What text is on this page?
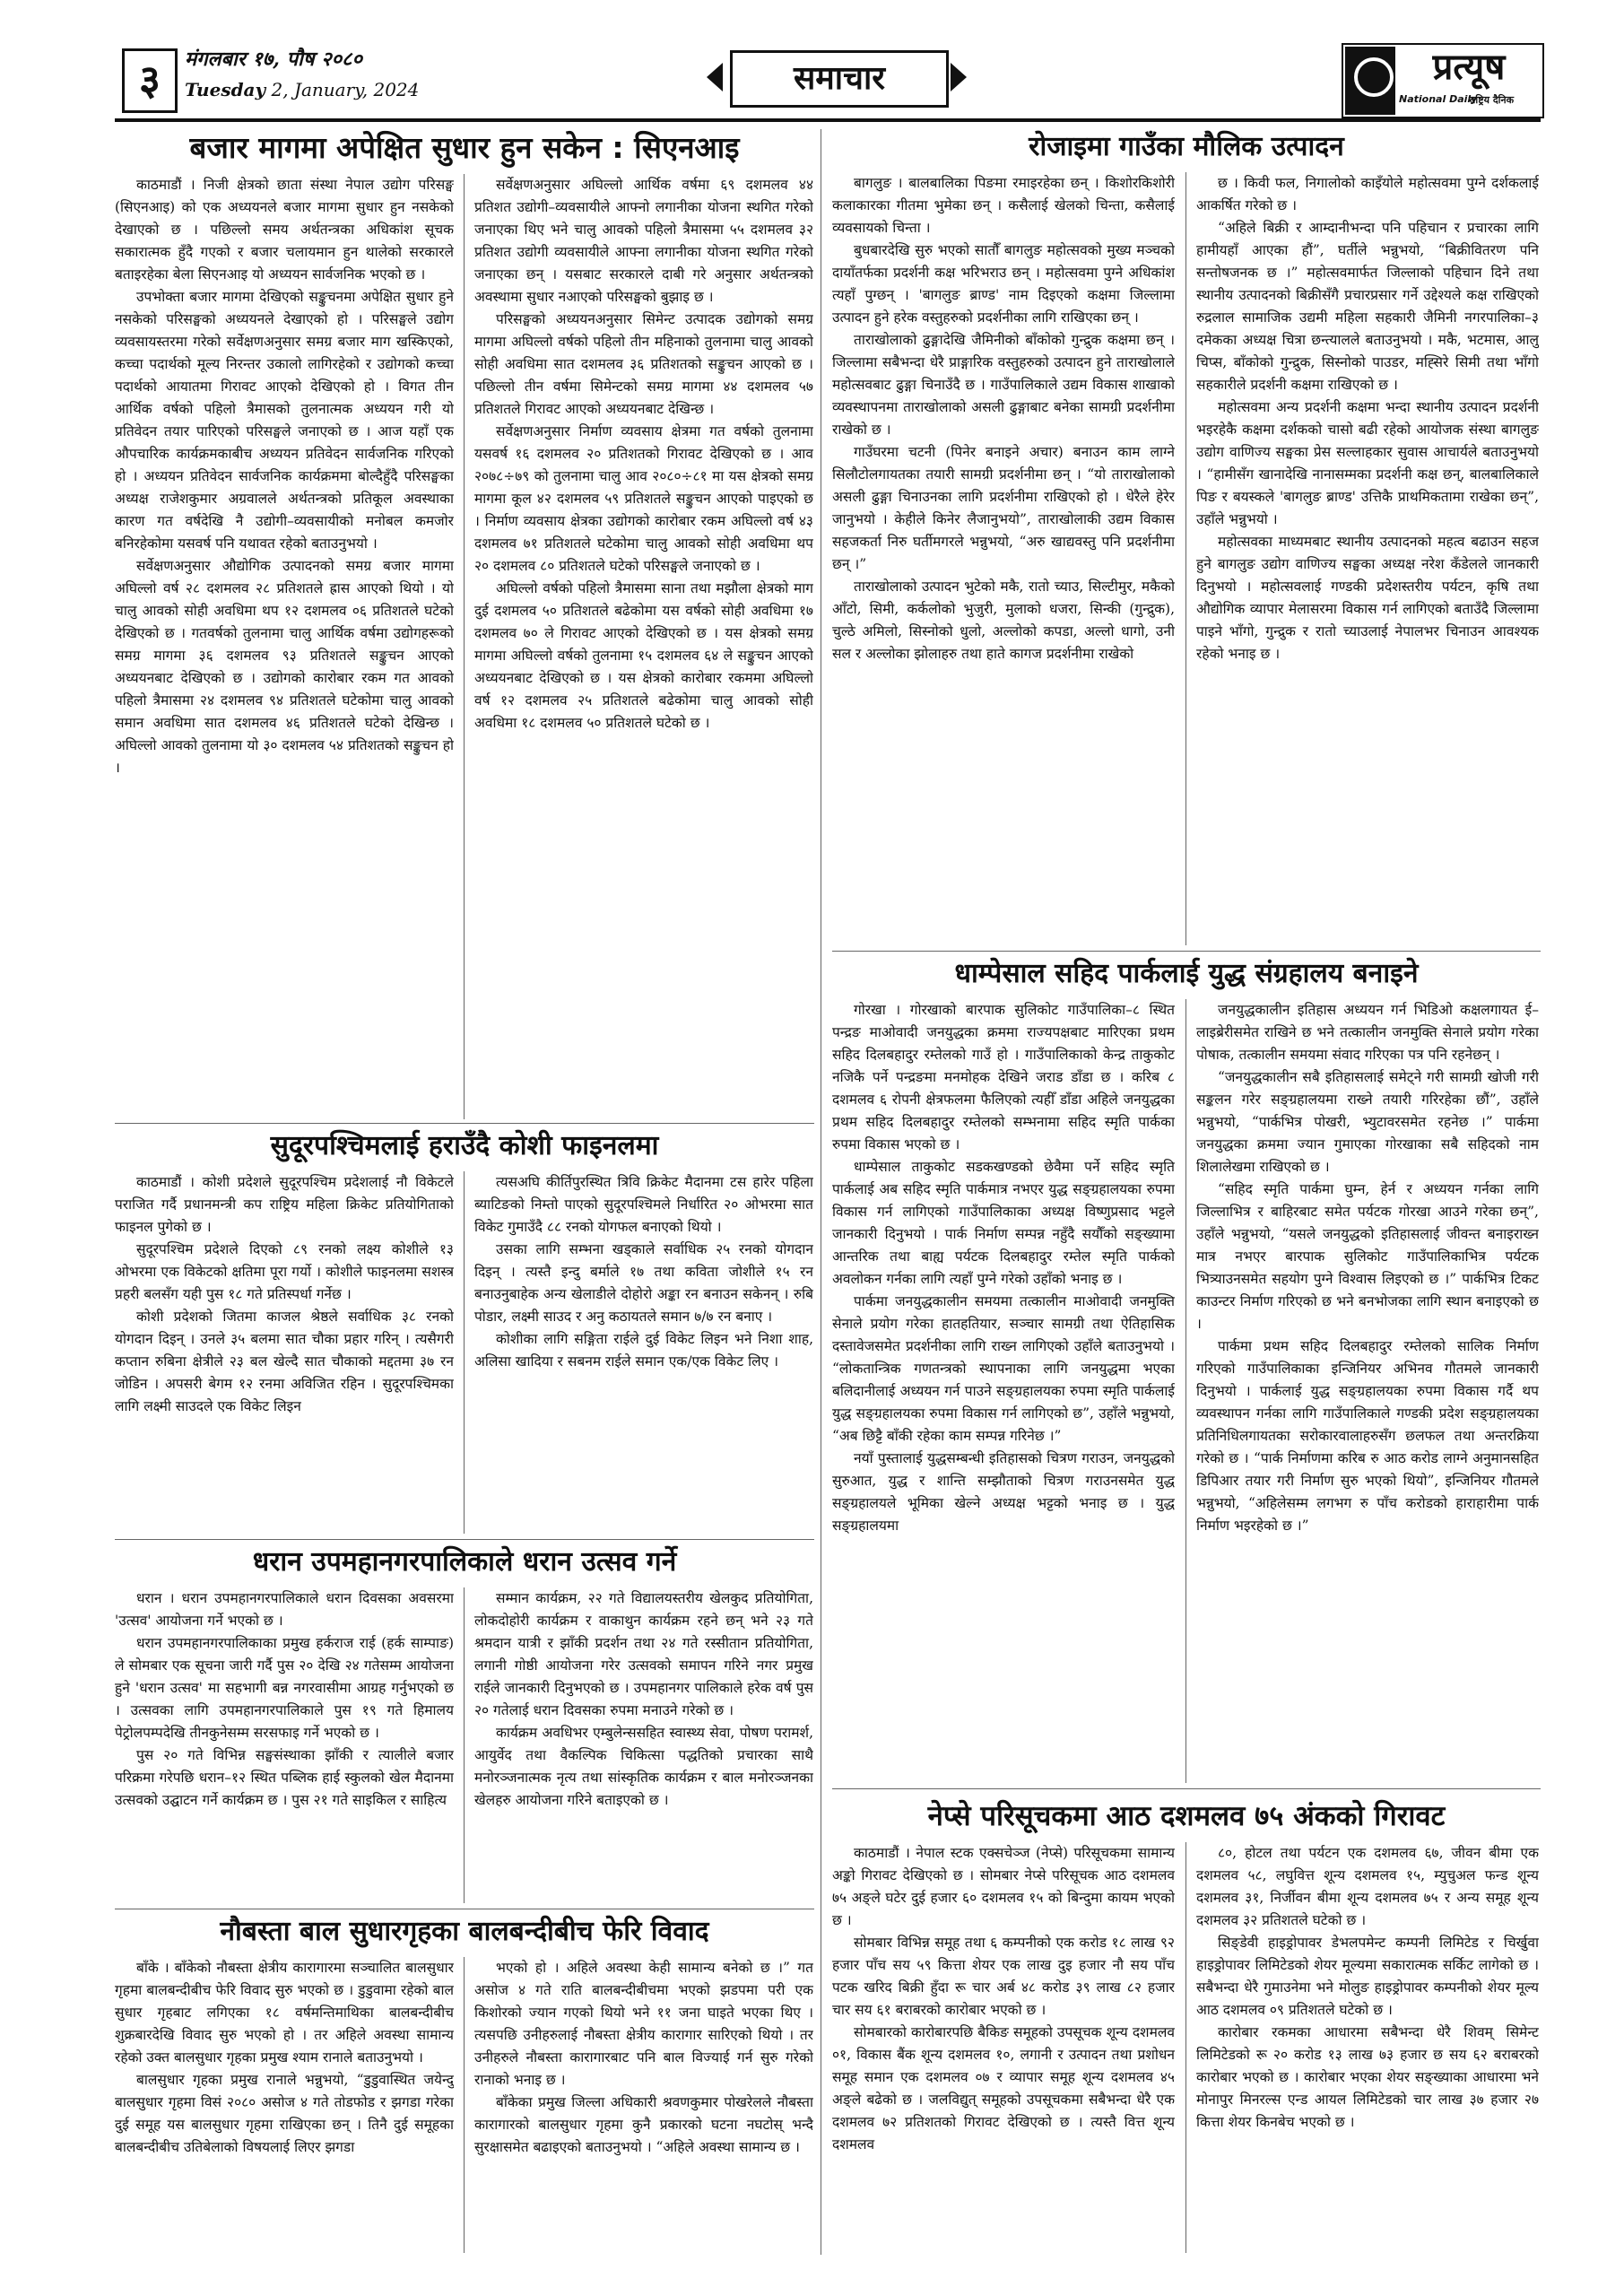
३	मंगलबार १७, पौष २०८०
Tuesday 2, January, 2024	समाचार	प्रत्यूष
National Daily
राष्ट्रिय दैनिक
बजार मागमा अपेक्षित सुधार हुन सकेन : सिएनआइ

काठमाडौं । निजी क्षेत्रको छाता संस्था नेपाल उद्योग परिसङ्घ (सिएनआइ) को एक अध्ययनले बजार मागमा सुधार हुन नसकेको देखाएको छ । पछिल्लो समय अर्थतन्त्रका अधिकांश सूचक सकारात्मक हुँदै गएको र बजार चलायमान हुन थालेको सरकारले बताइरहेका बेला सिएनआइ यो अध्ययन सार्वजनिक भएको छ ।

उपभोक्ता बजार मागमा देखिएको सङ्कुचनमा अपेक्षित सुधार हुने नसकेको परिसङ्घको अध्ययनले देखाएको हो । परिसङ्घले उद्योग व्यवसायस्तरमा गरेको सर्वेक्षणअनुसार समग्र बजार माग खस्किएको, कच्चा पदार्थको मूल्य निरन्तर उकालो लागिरहेको र उद्योगको कच्चा पदार्थको आयातमा गिरावट आएको देखिएको हो । विगत तीन आर्थिक वर्षको पहिलो त्रैमासको तुलनात्मक अध्ययन गरी यो प्रतिवेदन तयार पारिएको परिसङ्घले जनाएको छ । आज यहाँ एक औपचारिक कार्यक्रमकाबीच अध्ययन प्रतिवेदन सार्वजनिक गरिएको हो । अध्ययन प्रतिवेदन सार्वजनिक कार्यक्रममा बोल्दैहुँदै परिसङ्घका अध्यक्ष राजेशकुमार अग्रवालले अर्थतन्त्रको प्रतिकूल अवस्थाका कारण गत वर्षदेखि नै उद्योगी–व्यवसायीको मनोबल कमजोर बनिरहेकोमा यसवर्ष पनि यथावत रहेको बताउनुभयो ।

सर्वेक्षणअनुसार औद्योगिक उत्पादनको समग्र बजार मागमा अघिल्लो वर्ष २८ दशमलव २८ प्रतिशतले ह्रास आएको थियो । यो चालु आवको सोही अवधिमा थप १२ दशमलव ०६ प्रतिशतले घटेको देखिएको छ । गतवर्षको तुलनामा चालु आर्थिक वर्षमा उद्योगहरूको समग्र मागमा ३६ दशमलव ९३ प्रतिशतले सङ्कुचन आएको अध्ययनबाट देखिएको छ । उद्योगको कारोबार रकम गत आवको पहिलो त्रैमासमा २४ दशमलव ९४ प्रतिशतले घटेकोमा चालु आवको समान अवधिमा सात दशमलव ४६ प्रतिशतले घटेको देखिन्छ । अघिल्लो आवको तुलनामा यो ३० दशमलव ५४ प्रतिशतको सङ्कुचन हो ।

सर्वेक्षणअनुसार अघिल्लो आर्थिक वर्षमा ६९ दशमलव ४४ प्रतिशत उद्योगी–व्यवसायीले आफ्नो लगानीका योजना स्थगित गरेको जनाएका थिए भने चालु आवको पहिलो त्रैमासमा ५५ दशमलव ३२ प्रतिशत उद्योगी व्यवसायीले आफ्ना लगानीका योजना स्थगित गरेको जनाएका छन् । यसबाट सरकारले दाबी गरे अनुसार अर्थतन्त्रको अवस्थामा सुधार नआएको परिसङ्घको बुझाइ छ ।

परिसङ्घको अध्ययनअनुसार सिमेन्ट उत्पादक उद्योगको समग्र मागमा अघिल्लो वर्षको पहिलो तीन महिनाको तुलनामा चालु आवको सोही अवधिमा सात दशमलव ३६ प्रतिशतको सङ्कुचन आएको छ । पछिल्लो तीन वर्षमा सिमेन्टको समग्र मागमा ४४ दशमलव ५७ प्रतिशतले गिरावट आएको अध्ययनबाट देखिन्छ ।

सर्वेक्षणअनुसार निर्माण व्यवसाय क्षेत्रमा गत वर्षको तुलनामा यसवर्ष १६ दशमलव २० प्रतिशतको गिरावट देखिएको छ । आव २०७८÷७९ को तुलनामा चालु आव २०८०÷८१ मा यस क्षेत्रको समग्र मागमा कूल ४२ दशमलव ५९ प्रतिशतले सङ्कुचन आएको पाइएको छ । निर्माण व्यवसाय क्षेत्रका उद्योगको कारोबार रकम अघिल्लो वर्ष ४३ दशमलव ७१ प्रतिशतले घटेकोमा चालु आवको सोही अवधिमा थप २० दशमलव ८० प्रतिशतले घटेको परिसङ्घले जनाएको छ ।

अघिल्लो वर्षको पहिलो त्रैमासमा साना तथा मझौला क्षेत्रको माग दुई दशमलव ५० प्रतिशतले बढेकोमा यस वर्षको सोही अवधिमा १७ दशमलव ७० ले गिरावट आएको देखिएको छ । यस क्षेत्रको समग्र मागमा अघिल्लो वर्षको तुलनामा १५ दशमलव ६४ ले सङ्कुचन आएको अध्ययनबाट देखिएको छ । यस क्षेत्रको कारोबार रकममा अघिल्लो वर्ष १२ दशमलव २५ प्रतिशतले बढेकोमा चालु आवको सोही अवधिमा १८ दशमलव ५० प्रतिशतले घटेको छ ।

सुदूरपश्चिमलाई हराउँदै कोशी फाइनलमा

काठमाडौं । कोशी प्रदेशले सुदूरपश्चिम प्रदेशलाई नौ विकेटले पराजित गर्दै प्रधानमन्त्री कप राष्ट्रिय महिला क्रिकेट प्रतियोगिताको फाइनल पुगेको छ ।

सुदूरपश्चिम प्रदेशले दिएको ८९ रनको लक्ष्य कोशीले १३ ओभरमा एक विकेटको क्षतिमा पूरा गर्यो । कोशीले फाइनलमा सशस्त्र प्रहरी बलसँग यही पुस १८ गते प्रतिस्पर्धा गर्नेछ ।

कोशी प्रदेशको जितमा काजल श्रेष्ठले सर्वाधिक ३८ रनको योगदान दिइन् । उनले ३५ बलमा सात चौका प्रहार गरिन् । त्यसैगरी कप्तान रुबिना क्षेत्रीले २३ बल खेल्दै सात चौकाको मद्दतमा ३७ रन जोडिन । अपसरी बेगम १२ रनमा अविजित रहिन । सुदूरपश्चिमका लागि लक्ष्मी साउदले एक विकेट लिइन

त्यसअघि कीर्तिपुरस्थित त्रिवि क्रिकेट मैदानमा टस हारेर पहिला ब्याटिङको निम्तो पाएको सुदूरपश्चिमले निर्धारित २० ओभरमा सात विकेट गुमाउँदै ८८ रनको योगफल बनाएको थियो ।

उसका लागि सम्भना खड्काले सर्वाधिक २५ रनको योगदान दिइन् । त्यस्तै इन्दु बर्माले १७ तथा कविता जोशीले १५ रन बनाउनुबाहेक अन्य खेलाडीले दोहोरो अङ्का रन बनाउन सकेनन् । रुबि पोडार, लक्ष्मी साउद र अनु कठायतले समान ७/७ रन बनाए ।

कोशीका लागि सङ्गिता राईले दुई विकेट लिइन भने निशा शाह, अलिसा खादिया र सबनम राईले समान एक/एक विकेट लिए ।

धरान उपमहानगरपालिकाले धरान उत्सव गर्ने

धरान । धरान उपमहानगरपालिकाले धरान दिवसका अवसरमा 'उत्सव' आयोजना गर्ने भएको छ ।

धरान उपमहानगरपालिकाका प्रमुख हर्कराज राई (हर्क साम्पाङ) ले सोमबार एक सूचना जारी गर्दै पुस २० देखि २४ गतेसम्म आयोजना हुने 'धरान उत्सव' मा सहभागी बन्न नगरवासीमा आग्रह गर्नुभएको छ । उत्सवका लागि उपमहानगरपालिकाले पुस १९ गते हिमालय पेट्रोलपम्पदेखि तीनकुनेसम्म सरसफाइ गर्ने भएको छ ।

पुस २० गते विभिन्न सङ्घसंस्थाका झाँकी र त्यालीले बजार परिक्रमा गरेपछि धरान–१२ स्थित पब्लिक हाई स्कुलको खेल मैदानमा उत्सवको उद्घाटन गर्ने कार्यक्रम छ । पुस २१ गते साइकिल र साहित्य

सम्मान कार्यक्रम, २२ गते विद्यालयस्तरीय खेलकुद प्रतियोगिता, लोकदोहोरी कार्यक्रम र वाकाथुन कार्यक्रम रहने छन् भने २३ गते श्रमदान यात्री र झाँकी प्रदर्शन तथा २४ गते रस्सीतान प्रतियोगिता, लगानी गोष्ठी आयोजना गरेर उत्सवको समापन गरिने नगर प्रमुख राईले जानकारी दिनुभएको छ । उपमहानगर पालिकाले हरेक वर्ष पुस २० गतेलाई धरान दिवसका रुपमा मनाउने गरेको छ ।

कार्यक्रम अवधिभर एम्बुलेन्ससहित स्वास्थ्य सेवा, पोषण परामर्श, आयुर्वेद तथा वैकल्पिक चिकित्सा पद्धतिको प्रचारका साथै मनोरञ्जनात्मक नृत्य तथा सांस्कृतिक कार्यक्रम र बाल मनोरञ्जनका खेलहरु आयोजना गरिने बताइएको छ ।

नौबस्ता बाल सुधारगृहका बालबन्दीबीच फेरि विवाद

बाँके । बाँकेको नौबस्ता क्षेत्रीय कारागारमा सञ्चालित बालसुधार गृहमा बालबन्दीबीच फेरि विवाद सुरु भएको छ । डुडुवामा रहेको बाल सुधार गृहबाट लगिएका १८ वर्षमन्तिमाथिका बालबन्दीबीच शुक्रबारदेखि विवाद सुरु भएको हो । तर अहिले अवस्था सामान्य रहेको उक्त बालसुधार गृहका प्रमुख श्याम रानाले बताउनुभयो ।

बालसुधार गृहका प्रमुख रानाले भन्नुभयो, “डुडुवास्थित जयेन्दु बालसुधार गृहमा विसं २०८० असोज ४ गते तोडफोड र झगडा गरेका दुई समूह यस बालसुधार गृहमा राखिएका छन् । तिनै दुई समूहका बालबन्दीबीच उतिबेलाको विषयलाई लिएर झगडा

भएको हो । अहिले अवस्था केही सामान्य बनेको छ ।” गत असोज ४ गते राति बालबन्दीबीचमा भएको झडपमा परी एक किशोरको ज्यान गएको थियो भने ११ जना घाइते भएका थिए । त्यसपछि उनीहरुलाई नौबस्ता क्षेत्रीय कारागार सारिएको थियो । तर उनीहरुले नौबस्ता कारागारबाट पनि बाल विज्याई गर्न सुरु गरेको रानाको भनाइ छ ।

बाँकेका प्रमुख जिल्ला अधिकारी श्रवणकुमार पोखरेलले नौबस्ता कारागारको बालसुधार गृहमा कुनै प्रकारको घटना नघटोस् भन्दै सुरक्षासमेत बढाइएको बताउनुभयो । “अहिले अवस्था सामान्य छ ।

रोजाइमा गाउँका मौलिक उत्पादन

बागलुङ । बालबालिका पिङमा रमाइरहेका छन् । किशोरकिशोरी कलाकारका गीतमा भुमेका छन् । कसैलाई खेलको चिन्ता, कसैलाई व्यवसायको चिन्ता ।

बुधबारदेखि सुरु भएको सातौँ बागलुङ महोत्सवको मुख्य मञ्चको दायाँतर्फका प्रदर्शनी कक्ष भरिभराउ छन् । महोत्सवमा पुग्ने अधिकांश त्यहाँ पुग्छन् । 'बागलुङ ब्राण्ड' नाम दिइएको कक्षमा जिल्लामा उत्पादन हुने हरेक वस्तुहरुको प्रदर्शनीका लागि राखिएका छन् ।

ताराखोलाको ढुङ्गादेखि जैमिनीको बाँकोको गुन्द्रुक कक्षमा छन् । जिल्लामा सबैभन्दा धेरै प्राङ्गारिक वस्तुहरुको उत्पादन हुने ताराखोलाले महोत्सवबाट ढुङ्गा चिनाउँदै छ । गाउँपालिकाले उद्यम विकास शाखाको व्यवस्थापनमा ताराखोलाको असली ढुङ्गाबाट बनेका सामग्री प्रदर्शनीमा राखेको छ ।

गाउँघरमा चटनी (पिनेर बनाइने अचार) बनाउन काम लाग्ने सिलौटोलगायतका तयारी सामग्री प्रदर्शनीमा छन् । “यो ताराखोलाको असली ढुङ्गा चिनाउनका लागि प्रदर्शनीमा राखिएको हो । धेरैले हेरेर जानुभयो । केहीले किनेर लैजानुभयो”, ताराखोलाकी उद्यम विकास सहजकर्ता निरु घर्तीमगरले भन्नुभयो, “अरु खाद्यवस्तु पनि प्रदर्शनीमा छन् ।”

ताराखोलाको उत्पादन भुटेको मकै, रातो च्याउ, सिल्टीमुर, मकैको आँटो, सिमी, कर्कलोको भुजुरी, मुलाको धजरा, सिन्की (गुन्द्रुक), चुल्ठे अमिलो, सिस्नोको धुलो, अल्लोको कपडा, अल्लो धागो, उनी सल र अल्लोका झोलाहरु तथा हाते कागज प्रदर्शनीमा राखेको

छ । किवी फल, निगालोको काइँयोले महोत्सवमा पुग्ने दर्शकलाई आकर्षित गरेको छ ।

“अहिले बिक्री र आम्दानीभन्दा पनि पहिचान र प्रचारका लागि हामीयहाँ आएका हौं”, घर्तीले भन्नुभयो, “बिक्रीवितरण पनि सन्तोषजनक छ ।” महोत्सवमार्फत जिल्लाको पहिचान दिने तथा स्थानीय उत्पादनको बिक्रीसँगै प्रचारप्रसार गर्ने उद्देश्यले कक्ष राखिएको रुद्रलाल सामाजिक उद्यमी महिला सहकारी जैमिनी नगरपालिका–३ दमेकका अध्यक्ष चित्रा छन्त्यालले बताउनुभयो । मकै, भटमास, आलु चिप्स, बाँकोको गुन्द्रुक, सिस्नोको पाउडर, मह्सिरे सिमी तथा भाँगो सहकारीले प्रदर्शनी कक्षमा राखिएको छ ।

महोत्सवमा अन्य प्रदर्शनी कक्षमा भन्दा स्थानीय उत्पादन प्रदर्शनी भइरहेकै कक्षमा दर्शकको चासो बढी रहेको आयोजक संस्था बागलुङ उद्योग वाणिज्य सङ्घका प्रेस सल्लाहकार सुवास आचार्यले बताउनुभयो । “हामीसँग खानादेखि नानासम्मका प्रदर्शनी कक्ष छन्, बालबालिकाले पिङ र बयस्कले 'बागलुङ ब्राण्ड' उत्तिकै प्राथमिकतामा राखेका छन्”, उहाँले भन्नुभयो ।

महोत्सवका माध्यमबाट स्थानीय उत्पादनको महत्व बढाउन सहज हुने बागलुङ उद्योग वाणिज्य सङ्घका अध्यक्ष नरेश कँडेलले जानकारी दिनुभयो । महोत्सवलाई गण्डकी प्रदेशस्तरीय पर्यटन, कृषि तथा औद्योगिक व्यापार मेलासरमा विकास गर्न लागिएको बताउँदै जिल्लामा पाइने भाँगो, गुन्द्रुक र रातो च्याउलाई नेपालभर चिनाउन आवश्यक रहेको भनाइ छ ।

धाम्पेसाल सहिद पार्कलाई युद्ध संग्रहालय बनाइने

गोरखा । गोरखाको बारपाक सुलिकोट गाउँपालिका–८ स्थित पन्द्रङ माओवादी जनयुद्धका क्रममा राज्यपक्षबाट मारिएका प्रथम सहिद दिलबहादुर रम्तेलको गाउँ हो । गाउँपालिकाको केन्द्र ताकुकोट नजिकै पर्ने पन्द्रङमा मनमोहक देखिने जराड डाँडा छ । करिब ८ दशमलव ६ रोपनी क्षेत्रफलमा फैलिएको त्यहीँ डाँडा अहिले जनयुद्धका प्रथम सहिद दिलबहादुर रम्तेलको सम्भनामा सहिद स्मृति पार्कका रुपमा विकास भएको छ ।

धाम्पेसाल ताकुकोट सडकखण्डको छेवैमा पर्ने सहिद स्मृति पार्कलाई अब सहिद स्मृति पार्कमात्र नभएर युद्ध सङ्ग्रहालयका रुपमा विकास गर्न लागिएको गाउँपालिकाका अध्यक्ष विष्णुप्रसाद भट्टले जानकारी दिनुभयो । पार्क निर्माण सम्पन्न नहुँदै सयौँको सङ्ख्यामा आन्तरिक तथा बाह्य पर्यटक दिलबहादुर रम्तेल स्मृति पार्कको अवलोकन गर्नका लागि त्यहाँ पुग्ने गरेको उहाँको भनाइ छ ।

पार्कमा जनयुद्धकालीन समयमा तत्कालीन माओवादी जनमुक्ति सेनाले प्रयोग गरेका हातहतियार, सञ्चार सामग्री तथा ऐतिहासिक दस्तावेजसमेत प्रदर्शनीका लागि राख्न लागिएको उहाँले बताउनुभयो । “लोकतान्त्रिक गणतन्त्रको स्थापनाका लागि जनयुद्धमा भएका बलिदानीलाई अध्ययन गर्न पाउने सङ्ग्रहालयका रुपमा स्मृति पार्कलाई युद्ध सङ्ग्रहालयका रुपमा विकास गर्न लागिएको छ”, उहाँले भन्नुभयो, “अब छिट्टै बाँकी रहेका काम सम्पन्न गरिनेछ ।”

नयाँ पुस्तालाई युद्धसम्बन्धी इतिहासको चित्रण गराउन, जनयुद्धको सुरुआत, युद्ध र शान्ति सम्झौताको चित्रण गराउनसमेत युद्ध सङ्ग्रहालयले भूमिका खेल्ने अध्यक्ष भट्टको भनाइ छ । युद्ध सङ्ग्रहालयमा

जनयुद्धकालीन इतिहास अध्ययन गर्न भिडिओ कक्षलगायत ई–लाइब्रेरीसमेत राखिने छ भने तत्कालीन जनमुक्ति सेनाले प्रयोग गरेका पोषाक, तत्कालीन समयमा संवाद गरिएका पत्र पनि रहनेछन् ।

“जनयुद्धकालीन सबै इतिहासलाई समेट्ने गरी सामग्री खोजी गरी सङ्कलन गरेर सङ्ग्रहालयमा राख्ने तयारी गरिरहेका छौं”, उहाँले भन्नुभयो, “पार्कभित्र पोखरी, भ्युटावरसमेत रहनेछ ।” पार्कमा जनयुद्धका क्रममा ज्यान गुमाएका गोरखाका सबै सहिदको नाम शिलालेखमा राखिएको छ ।

“सहिद स्मृति पार्कमा घुम्न, हेर्न र अध्ययन गर्नका लागि जिल्लाभित्र र बाहिरबाट समेत पर्यटक गोरखा आउने गरेका छन्”, उहाँले भन्नुभयो, “यसले जनयुद्धको इतिहासलाई जीवन्त बनाइराख्न मात्र नभएर बारपाक सुलिकोट गाउँपालिकाभित्र पर्यटक भित्र्याउनसमेत सहयोग पुग्ने विश्वास लिइएको छ ।” पार्कभित्र टिकट काउन्टर निर्माण गरिएको छ भने बनभोजका लागि स्थान बनाइएको छ ।

पार्कमा प्रथम सहिद दिलबहादुर रम्तेलको सालिक निर्माण गरिएको गाउँपालिकाका इन्जिनियर अभिनव गौतमले जानकारी दिनुभयो । पार्कलाई युद्ध सङ्ग्रहालयका रुपमा विकास गर्दै थप व्यवस्थापन गर्नका लागि गाउँपालिकाले गण्डकी प्रदेश सङ्ग्रहालयका प्रतिनिधिलगायतका सरोकारवालाहरुसँग छलफल तथा अन्तरक्रिया गरेको छ । “पार्क निर्माणमा करिब रु आठ करोड लाग्ने अनुमानसहित डिपिआर तयार गरी निर्माण सुरु भएको थियो”, इन्जिनियर गौतमले भन्नुभयो, “अहिलेसम्म लगभग रु पाँच करोडको हाराहारीमा पार्क निर्माण भइरहेको छ ।”

नेप्से परिसूचकमा आठ दशमलव ७५ अंकको गिरावट

काठमाडौं । नेपाल स्टक एक्सचेञ्ज (नेप्से) परिसूचकमा सामान्य अङ्को गिरावट देखिएको छ । सोमबार नेप्से परिसूचक आठ दशमलव ७५ अङ्ले घटेर दुई हजार ६० दशमलव १५ को बिन्दुमा कायम भएको छ ।

सोमबार विभिन्न समूह तथा ६ कम्पनीको एक करोड १८ लाख ९२ हजार पाँच सय ५९ कित्ता शेयर एक लाख दुइ हजार नौ सय पाँच पटक खरिद बिक्री हुँदा रू चार अर्ब ४८ करोड ३९ लाख ८२ हजार चार सय ६१ बराबरको कारोबार भएको छ ।

सोमबारको कारोबारपछि बैकिङ समूहको उपसूचक शून्य दशमलव ०१, विकास बैंक शून्य दशमलव १०, लगानी र उत्पादन तथा प्रशोधन समूह समान एक दशमलव ०७ र व्यापार समूह शून्य दशमलव ४५ अङ्ले बढेको छ । जलविद्युत् समूहको उपसूचकमा सबैभन्दा धेरै एक दशमलव ७२ प्रतिशतको गिरावट देखिएको छ । त्यस्तै वित्त शून्य दशमलव

८०, होटल तथा पर्यटन एक दशमलव ६७, जीवन बीमा एक दशमलव ५८, लघुवित्त शून्य दशमलव १५, म्युचुअल फन्ड शून्य दशमलव ३१, निर्जीवन बीमा शून्य दशमलव ७५ र अन्य समूह शून्य दशमलव ३२ प्रतिशतले घटेको छ ।

सिङ्डेवी हाइड्रोपावर डेभलपमेन्ट कम्पनी लिमिटेड र चिर्खुवा हाइड्रोपावर लिमिटेडको शेयर मूल्यमा सकारात्मक सर्किट लागेको छ । सबैभन्दा धेरै गुमाउनेमा भने मोलुङ हाइड्रोपावर कम्पनीको शेयर मूल्य आठ दशमलव ०९ प्रतिशतले घटेको छ ।

कारोबार रकमका आधारमा सबैभन्दा धेरै शिवम् सिमेन्ट लिमिटेडको रू २० करोड १३ लाख ७३ हजार छ सय ६२ बराबरको कारोबार भएको छ । कारोबार भएका शेयर सङ्ख्याका आधारमा भने मोनापुर मिनरल्स एन्ड आयल लिमिटेडको चार लाख ३७ हजार २७ कित्ता शेयर किनबेच भएको छ ।
